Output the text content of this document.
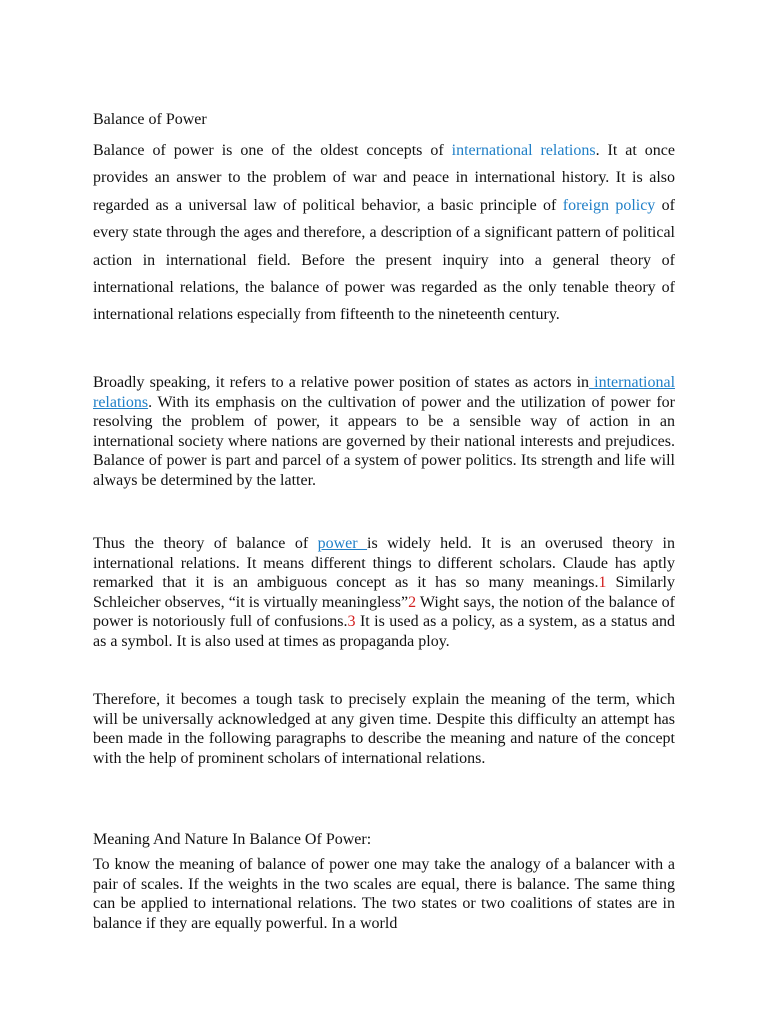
Balance of Power
Balance of power is one of the oldest concepts of international relations. It at once provides an answer to the problem of war and peace in international history. It is also regarded as a universal law of political behavior, a basic principle of foreign policy of every state through the ages and therefore, a description of a significant pattern of political action in international field. Before the present inquiry into a general theory of international relations, the balance of power was regarded as the only tenable theory of international relations especially from fifteenth to the nineteenth century.
Broadly speaking, it refers to a relative power position of states as actors in international relations. With its emphasis on the cultivation of power and the utilization of power for resolving the problem of power, it appears to be a sensible way of action in an international society where nations are governed by their national interests and prejudices. Balance of power is part and parcel of a system of power politics. Its strength and life will always be determined by the latter.
Thus the theory of balance of power is widely held. It is an overused theory in international relations. It means different things to different scholars. Claude has aptly remarked that it is an ambiguous concept as it has so many meanings.1 Similarly Schleicher observes, “it is virtually meaningless”2 Wight says, the notion of the balance of power is notoriously full of confusions.3 It is used as a policy, as a system, as a status and as a symbol. It is also used at times as propaganda ploy.
Therefore, it becomes a tough task to precisely explain the meaning of the term, which will be universally acknowledged at any given time. Despite this difficulty an attempt has been made in the following paragraphs to describe the meaning and nature of the concept with the help of prominent scholars of international relations.
Meaning And Nature In Balance Of Power:
To know the meaning of balance of power one may take the analogy of a balancer with a pair of scales. If the weights in the two scales are equal, there is balance. The same thing can be applied to international relations. The two states or two coalitions of states are in balance if they are equally powerful. In a world
